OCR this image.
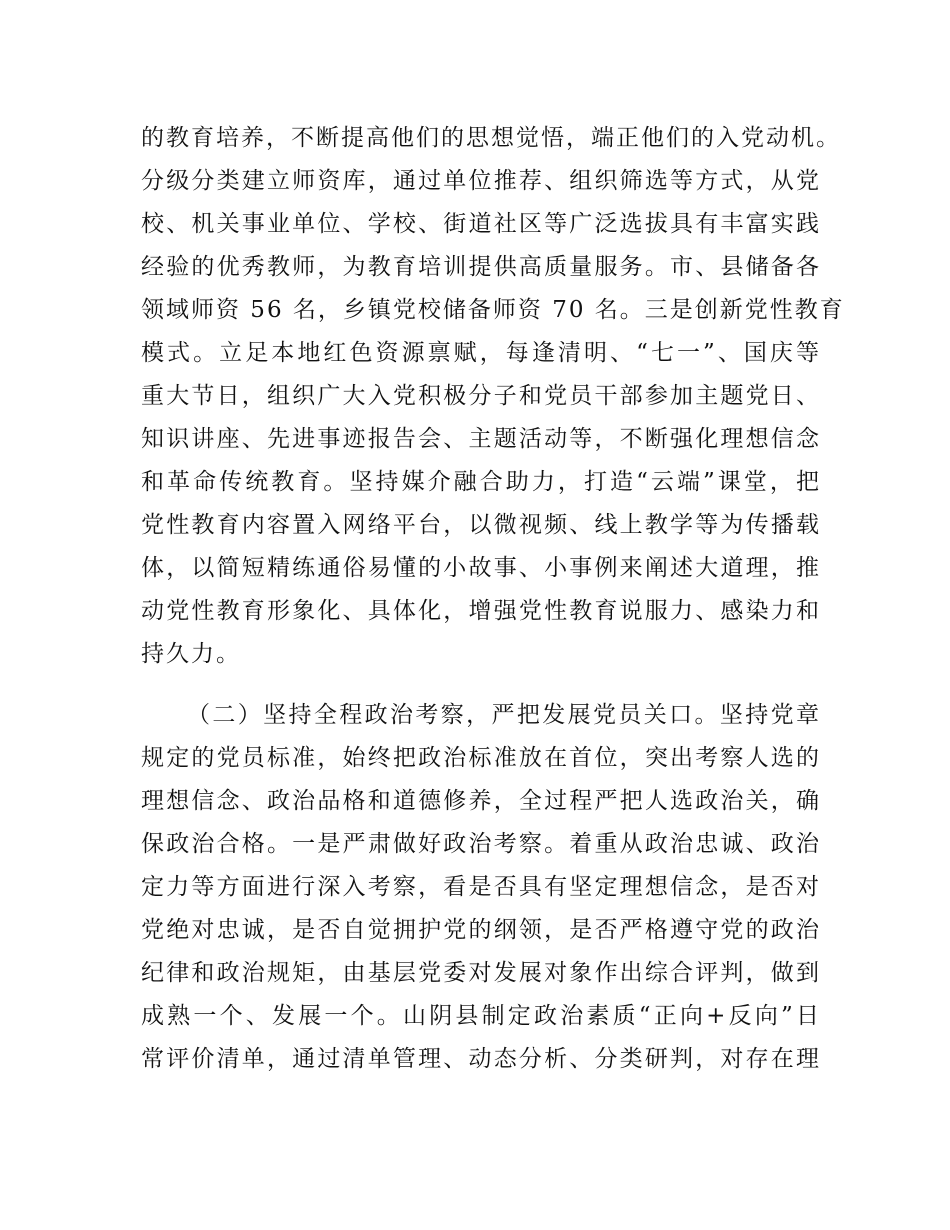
的教育培养，不断提高他们的思想觉悟，端正他们的入党动机。
分级分类建立师资库，通过单位推荐、组织筛选等方式，从党
校、机关事业单位、学校、街道社区等广泛选拔具有丰富实践
经验的优秀教师，为教育培训提供高质量服务。市、县储备各
领域师资 56 名，乡镇党校储备师资 70 名。三是创新党性教育
模式。立足本地红色资源禀赋，每逢清明、“七一”、国庆等
重大节日，组织广大入党积极分子和党员干部参加主题党日、
知识讲座、先进事迹报告会、主题活动等，不断强化理想信念
和革命传统教育。坚持媒介融合助力，打造“云端”课堂，把
党性教育内容置入网络平台，以微视频、线上教学等为传播载
体，以简短精练通俗易懂的小故事、小事例来阐述大道理，推
动党性教育形象化、具体化，增强党性教育说服力、感染力和
持久力。
（二）坚持全程政治考察，严把发展党员关口。坚持党章
规定的党员标准，始终把政治标准放在首位，突出考察人选的
理想信念、政治品格和道德修养，全过程严把人选政治关，确
保政治合格。一是严肃做好政治考察。着重从政治忠诚、政治
定力等方面进行深入考察，看是否具有坚定理想信念，是否对
党绝对忠诚，是否自觉拥护党的纲领，是否严格遵守党的政治
纪律和政治规矩，由基层党委对发展对象作出综合评判，做到
成熟一个、发展一个。山阴县制定政治素质“正向+反向”日
常评价清单，通过清单管理、动态分析、分类研判，对存在理
